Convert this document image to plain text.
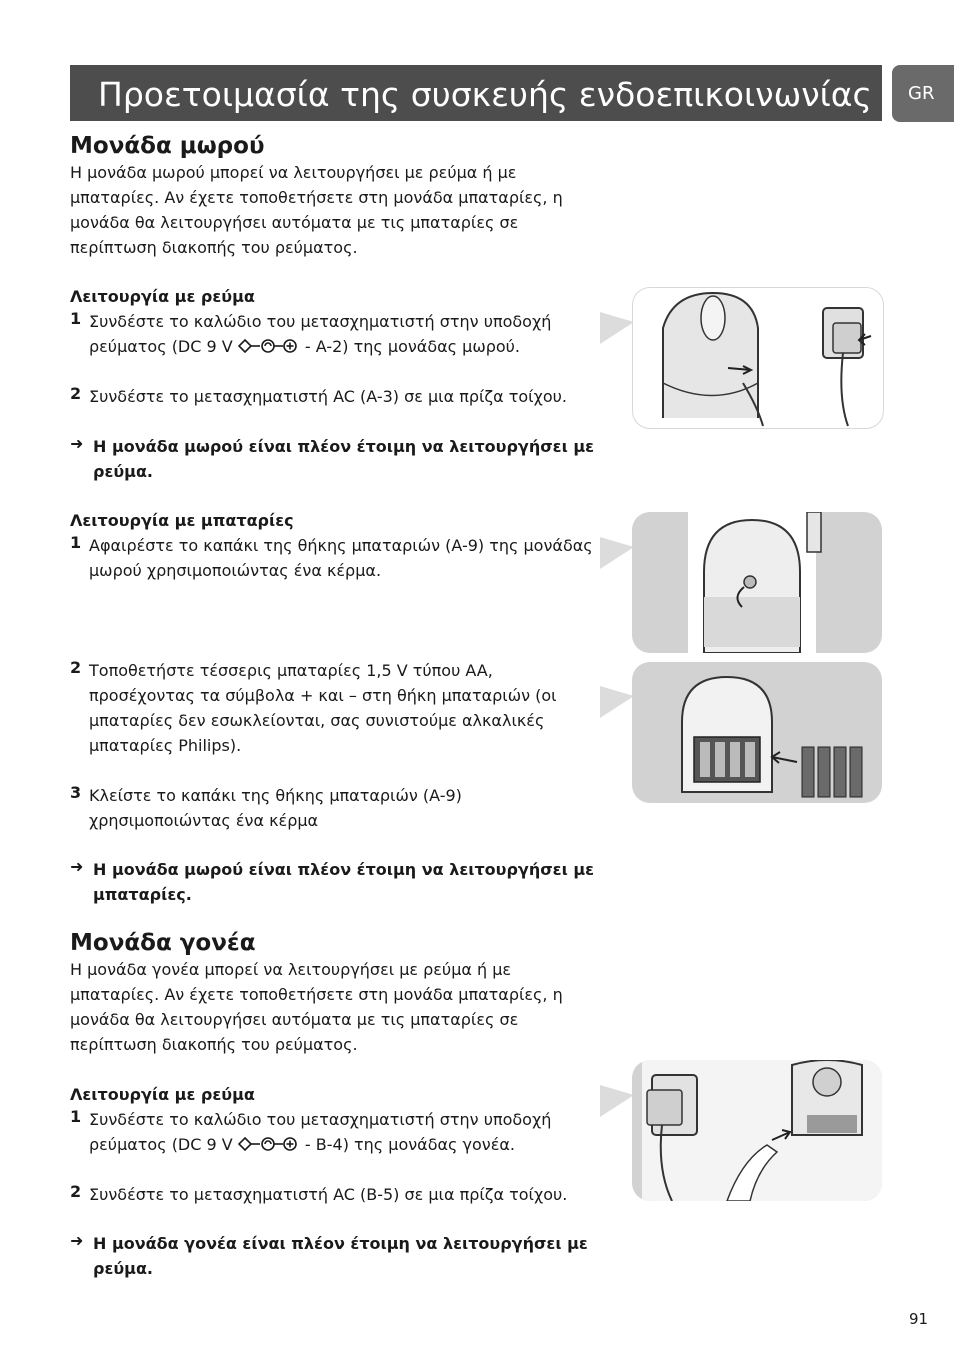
Προετοιμασία της συσκευής ενδοεπικοινωνίας	GR
Μονάδα μωρού

Η μονάδα μωρού μπορεί να λειτουργήσει με ρεύμα ή με

μπαταρίες. Αν έχετε τοποθετήσετε στη μονάδα μπαταρίες, η

μονάδα θα λειτουργήσει αυτόματα με τις μπαταρίες σε

περίπτωση διακοπής του ρεύματος.

Λειτουργία με ρεύμα

1 Συνδέστε το καλώδιο του μετασχηματιστή στην υποδοχή

ρεύματος (DC 9 V	- A-2) της μονάδας μωρού.

2 Συνδέστε το μετασχηματιστή AC (A-3) σε μια πρίζα τοίχου.

➜ Η μονάδα μωρού είναι πλέον έτοιμη να λειτουργήσει με

ρεύμα.

Λειτουργία με μπαταρίες

1 Αφαιρέστε το καπάκι της θήκης μπαταριών (A-9) της μονάδας

μωρού χρησιμοποιώντας ένα κέρμα.

2 Τοποθετήστε τέσσερις μπαταρίες 1,5 V τύπου AA,

προσέχοντας τα σύμβολα + και – στη θήκη μπαταριών (οι

μπαταρίες δεν εσωκλείονται, σας συνιστούμε αλκαλικές

μπαταρίες Philips).

3 Κλείστε το καπάκι της θήκης μπαταριών (A-9)

χρησιμοποιώντας ένα κέρμα

➜ Η μονάδα μωρού είναι πλέον έτοιμη να λειτουργήσει με

μπαταρίες.

Μονάδα γονέα

Η μονάδα γονέα μπορεί να λειτουργήσει με ρεύμα ή με

μπαταρίες. Αν έχετε τοποθετήσετε στη μονάδα μπαταρίες, η

μονάδα θα λειτουργήσει αυτόματα με τις μπαταρίες σε

περίπτωση διακοπής του ρεύματος.

Λειτουργία με ρεύμα

1 Συνδέστε το καλώδιο του μετασχηματιστή στην υποδοχή

ρεύματος (DC 9 V	- B-4) της μονάδας γονέα.

2 Συνδέστε το μετασχηματιστή AC (B-5) σε μια πρίζα τοίχου.

➜ Η μονάδα γονέα είναι πλέον έτοιμη να λειτουργήσει με

ρεύμα.

91
